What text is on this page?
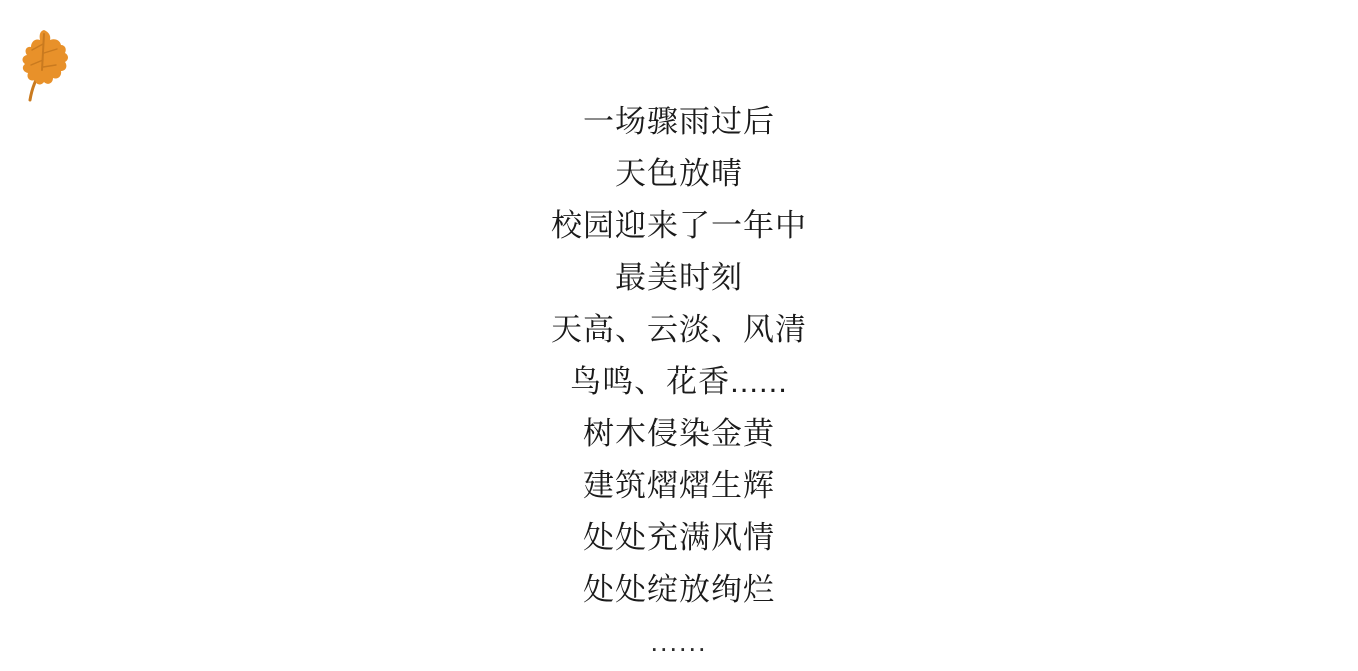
一场骤雨过后
天色放晴
校园迎来了一年中
最美时刻
天高、云淡、风清
鸟鸣、花香......
树木侵染金黄
建筑熠熠生辉
处处充满风情
处处绽放绚烂
......
